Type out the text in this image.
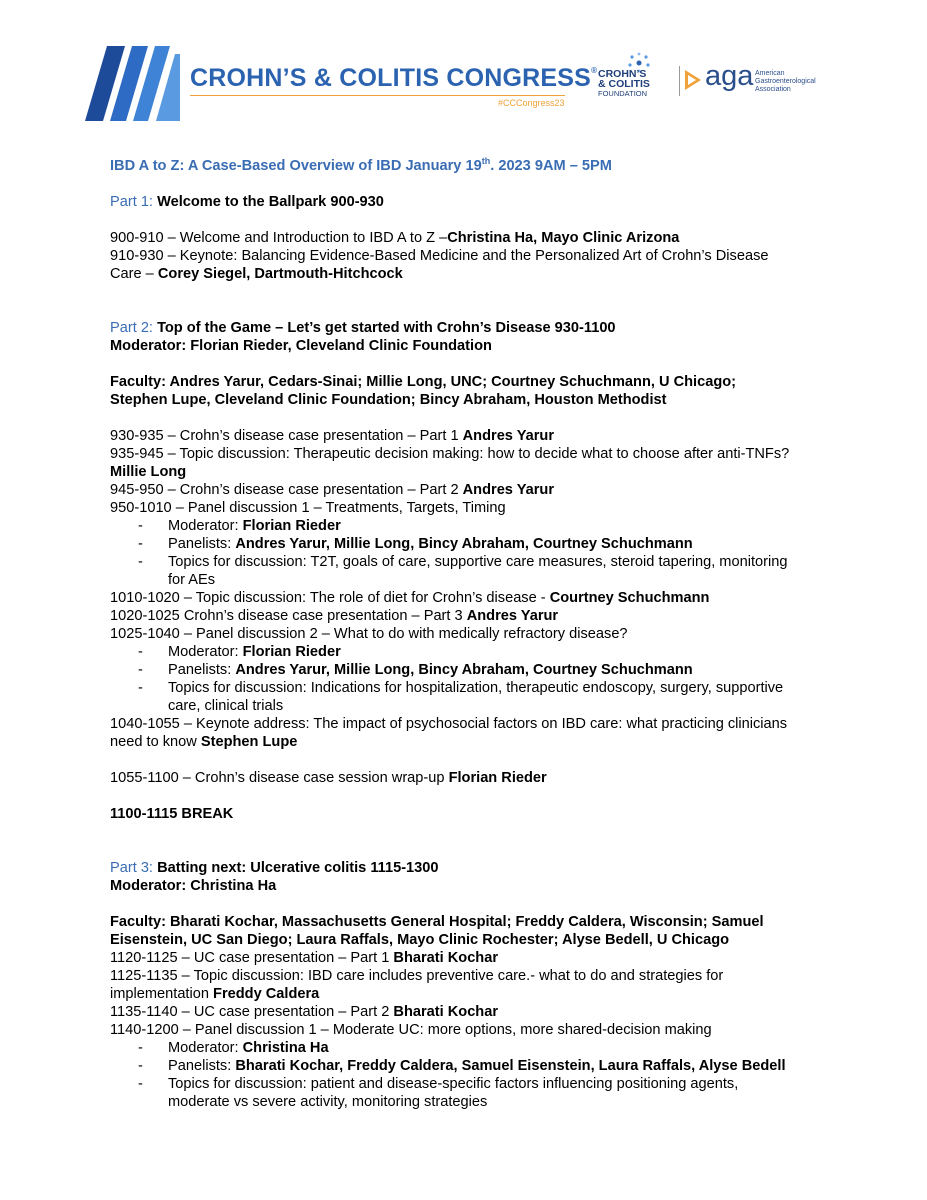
CROHN’S & COLITIS CONGRESS®
#CCCongress23
CROHN’S
& COLITIS
FOUNDATION
aga American Gastroenterological Association
IBD A to Z: A Case-Based Overview of IBD January 19th. 2023 9AM – 5PM
Part 1: Welcome to the Ballpark 900-930
900-910 – Welcome and Introduction to IBD A to Z –Christina Ha, Mayo Clinic Arizona
910-930 – Keynote: Balancing Evidence-Based Medicine and the Personalized Art of Crohn’s Disease
Care – Corey Siegel, Dartmouth-Hitchcock
Part 2: Top of the Game – Let’s get started with Crohn’s Disease 930-1100
Moderator: Florian Rieder, Cleveland Clinic Foundation
Faculty: Andres Yarur, Cedars-Sinai; Millie Long, UNC; Courtney Schuchmann, U Chicago;
Stephen Lupe, Cleveland Clinic Foundation; Bincy Abraham, Houston Methodist
930-935 – Crohn’s disease case presentation – Part 1 Andres Yarur
935-945 – Topic discussion: Therapeutic decision making: how to decide what to choose after anti-TNFs?
Millie Long
945-950 – Crohn’s disease case presentation – Part 2 Andres Yarur
950-1010 – Panel discussion 1 – Treatments, Targets, Timing
- Moderator: Florian Rieder
- Panelists: Andres Yarur, Millie Long, Bincy Abraham, Courtney Schuchmann
- Topics for discussion: T2T, goals of care, supportive care measures, steroid tapering, monitoring
for AEs
1010-1020 – Topic discussion: The role of diet for Crohn’s disease - Courtney Schuchmann
1020-1025 Crohn’s disease case presentation – Part 3 Andres Yarur
1025-1040 – Panel discussion 2 – What to do with medically refractory disease?
- Moderator: Florian Rieder
- Panelists: Andres Yarur, Millie Long, Bincy Abraham, Courtney Schuchmann
- Topics for discussion: Indications for hospitalization, therapeutic endoscopy, surgery, supportive
care, clinical trials
1040-1055 – Keynote address: The impact of psychosocial factors on IBD care: what practicing clinicians
need to know Stephen Lupe
1055-1100 – Crohn’s disease case session wrap-up Florian Rieder
1100-1115 BREAK
Part 3: Batting next: Ulcerative colitis 1115-1300
Moderator: Christina Ha
Faculty: Bharati Kochar, Massachusetts General Hospital; Freddy Caldera, Wisconsin; Samuel
Eisenstein, UC San Diego; Laura Raffals, Mayo Clinic Rochester; Alyse Bedell, U Chicago
1120-1125 – UC case presentation – Part 1 Bharati Kochar
1125-1135 – Topic discussion: IBD care includes preventive care.- what to do and strategies for
implementation Freddy Caldera
1135-1140 – UC case presentation – Part 2 Bharati Kochar
1140-1200 – Panel discussion 1 – Moderate UC: more options, more shared-decision making
- Moderator: Christina Ha
- Panelists: Bharati Kochar, Freddy Caldera, Samuel Eisenstein, Laura Raffals, Alyse Bedell
- Topics for discussion: patient and disease-specific factors influencing positioning agents,
moderate vs severe activity, monitoring strategies
